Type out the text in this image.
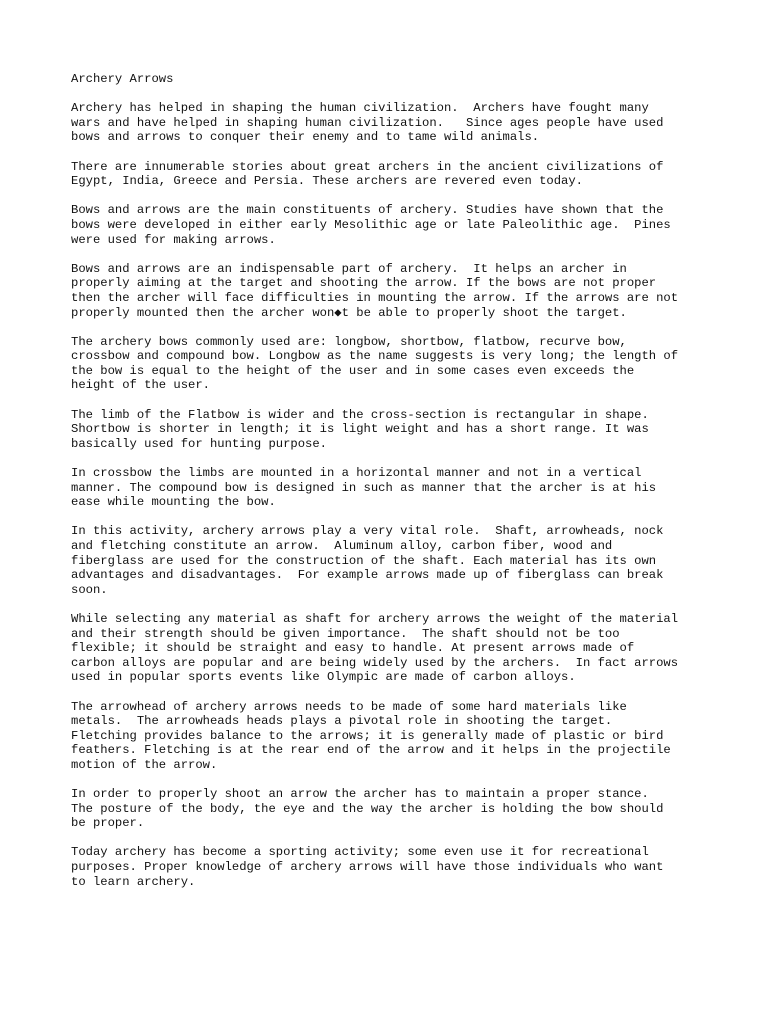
Archery Arrows
Archery has helped in shaping the human civilization.  Archers have fought many
wars and have helped in shaping human civilization.   Since ages people have used
bows and arrows to conquer their enemy and to tame wild animals.
There are innumerable stories about great archers in the ancient civilizations of
Egypt, India, Greece and Persia. These archers are revered even today.
Bows and arrows are the main constituents of archery. Studies have shown that the
bows were developed in either early Mesolithic age or late Paleolithic age.  Pines
were used for making arrows.
Bows and arrows are an indispensable part of archery.  It helps an archer in
properly aiming at the target and shooting the arrow. If the bows are not proper
then the archer will face difficulties in mounting the arrow. If the arrows are not
properly mounted then the archer won◆t be able to properly shoot the target.
The archery bows commonly used are: longbow, shortbow, flatbow, recurve bow,
crossbow and compound bow. Longbow as the name suggests is very long; the length of
the bow is equal to the height of the user and in some cases even exceeds the
height of the user.
The limb of the Flatbow is wider and the cross-section is rectangular in shape.
Shortbow is shorter in length; it is light weight and has a short range. It was
basically used for hunting purpose.
In crossbow the limbs are mounted in a horizontal manner and not in a vertical
manner. The compound bow is designed in such as manner that the archer is at his
ease while mounting the bow.
In this activity, archery arrows play a very vital role.  Shaft, arrowheads, nock
and fletching constitute an arrow.  Aluminum alloy, carbon fiber, wood and
fiberglass are used for the construction of the shaft. Each material has its own
advantages and disadvantages.  For example arrows made up of fiberglass can break
soon.
While selecting any material as shaft for archery arrows the weight of the material
and their strength should be given importance.  The shaft should not be too
flexible; it should be straight and easy to handle. At present arrows made of
carbon alloys are popular and are being widely used by the archers.  In fact arrows
used in popular sports events like Olympic are made of carbon alloys.
The arrowhead of archery arrows needs to be made of some hard materials like
metals.  The arrowheads heads plays a pivotal role in shooting the target.
Fletching provides balance to the arrows; it is generally made of plastic or bird
feathers. Fletching is at the rear end of the arrow and it helps in the projectile
motion of the arrow.
In order to properly shoot an arrow the archer has to maintain a proper stance.
The posture of the body, the eye and the way the archer is holding the bow should
be proper.
Today archery has become a sporting activity; some even use it for recreational
purposes. Proper knowledge of archery arrows will have those individuals who want
to learn archery.
